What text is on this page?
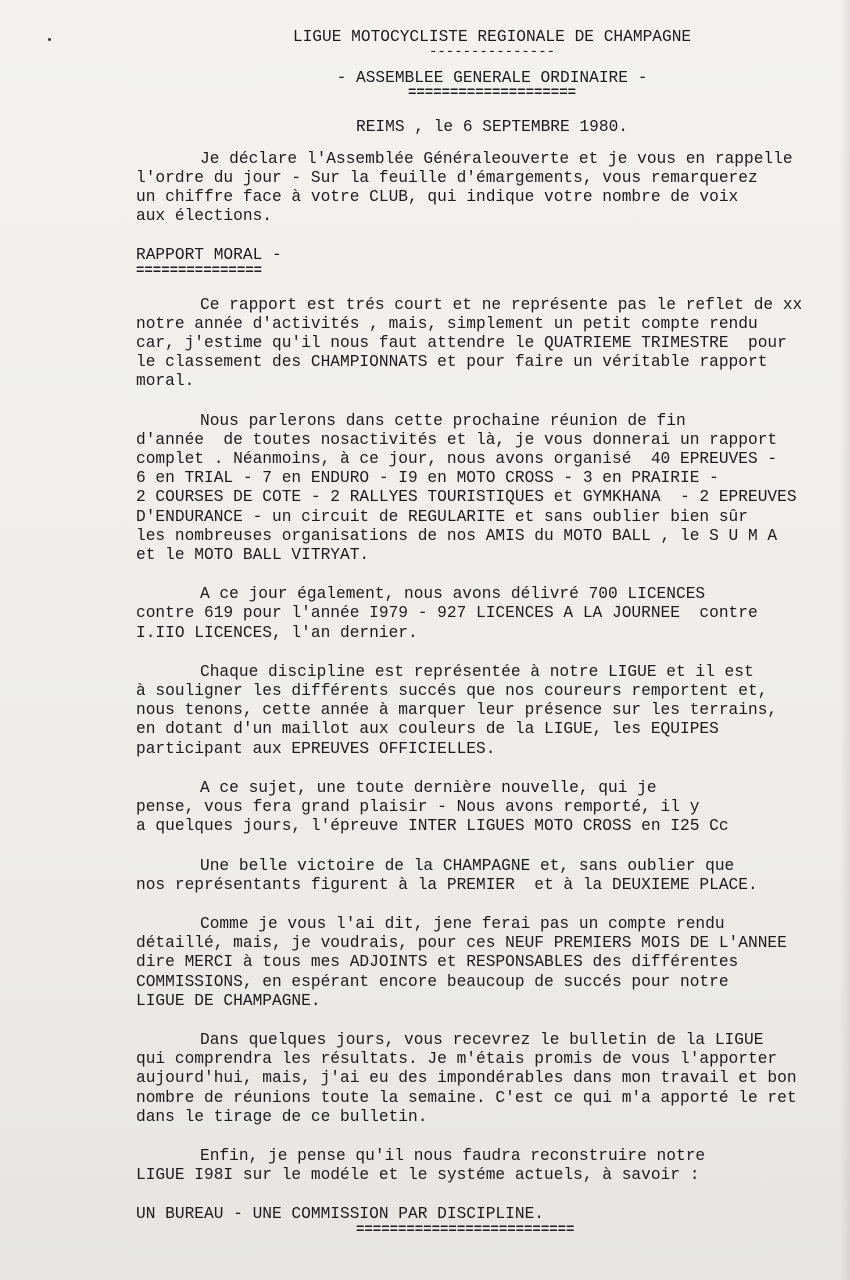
LIGUE MOTOCYCLISTE REGIONALE DE CHAMPAGNE
---------------
- ASSEMBLEE GENERALE ORDINAIRE -
====================
REIMS , le 6 SEPTEMBRE 1980.
Je déclare l'Assemblée Généraleouverte et je vous en rappelle
l'ordre du jour - Sur la feuille d'émargements, vous remarquerez
un chiffre face à votre CLUB, qui indique votre nombre de voix
aux élections.
RAPPORT MORAL -
===============
Ce rapport est trés court et ne représente pas le reflet de xx
notre année d'activités , mais, simplement un petit compte rendu
car, j'estime qu'il nous faut attendre le QUATRIEME TRIMESTRE  pour
le classement des CHAMPIONNATS et pour faire un véritable rapport
moral.
Nous parlerons dans cette prochaine réunion de fin
d'année  de toutes nosactivités et là, je vous donnerai un rapport
complet . Néanmoins, à ce jour, nous avons organisé  40 EPREUVES -
6 en TRIAL - 7 en ENDURO - I9 en MOTO CROSS - 3 en PRAIRIE -
2 COURSES DE COTE - 2 RALLYES TOURISTIQUES et GYMKHANA  - 2 EPREUVES
D'ENDURANCE - un circuit de REGULARITE et sans oublier bien sûr
les nombreuses organisations de nos AMIS du MOTO BALL , le S U M A
et le MOTO BALL VITRYAT.
A ce jour également, nous avons délivré 700 LICENCES
contre 619 pour l'année I979 - 927 LICENCES A LA JOURNEE  contre
I.IIO LICENCES, l'an dernier.
Chaque discipline est représentée à notre LIGUE et il est
à souligner les différents succés que nos coureurs remportent et,
nous tenons, cette année à marquer leur présence sur les terrains,
en dotant d'un maillot aux couleurs de la LIGUE, les EQUIPES
participant aux EPREUVES OFFICIELLES.
A ce sujet, une toute dernière nouvelle, qui je
pense, vous fera grand plaisir - Nous avons remporté, il y
a quelques jours, l'épreuve INTER LIGUES MOTO CROSS en I25 Cc
Une belle victoire de la CHAMPAGNE et, sans oublier que
nos représentants figurent à la PREMIER  et à la DEUXIEME PLACE.
Comme je vous l'ai dit, jene ferai pas un compte rendu
détaillé, mais, je voudrais, pour ces NEUF PREMIERS MOIS DE L'ANNEE
dire MERCI à tous mes ADJOINTS et RESPONSABLES des différentes
COMMISSIONS, en espérant encore beaucoup de succés pour notre
LIGUE DE CHAMPAGNE.
Dans quelques jours, vous recevrez le bulletin de la LIGUE
qui comprendra les résultats. Je m'étais promis de vous l'apporter
aujourd'hui, mais, j'ai eu des impondérables dans mon travail et bon
nombre de réunions toute la semaine. C'est ce qui m'a apporté le ret
dans le tirage de ce bulletin.
Enfin, je pense qu'il nous faudra reconstruire notre
LIGUE I98I sur le modéle et le systéme actuels, à savoir :
UN BUREAU - UNE COMMISSION PAR DISCIPLINE.
==========================
